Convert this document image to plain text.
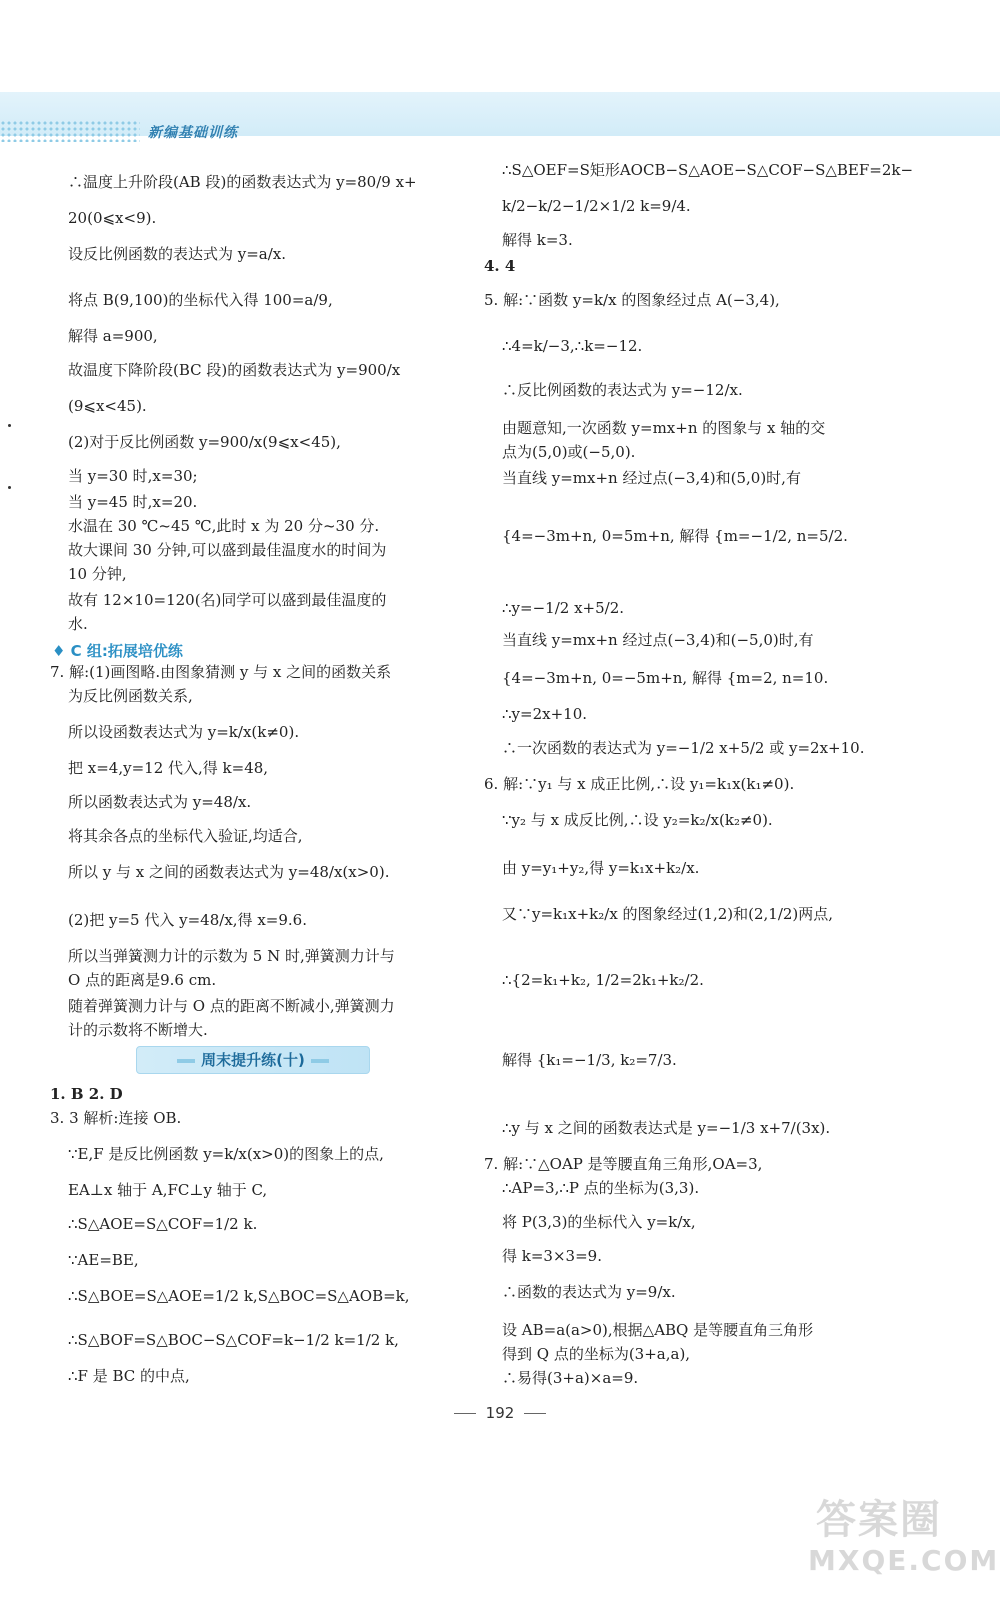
新编基础训练
∴温度上升阶段(AB 段)的函数表达式为 y=80/9 x+
20(0⩽x<9).
设反比例函数的表达式为 y=a/x.
将点 B(9,100)的坐标代入得 100=a/9,
解得 a=900,
故温度下降阶段(BC 段)的函数表达式为 y=900/x
(9⩽x<45).
(2)对于反比例函数 y=900/x(9⩽x<45),
当 y=30 时,x=30;
当 y=45 时,x=20.
水温在 30 ℃~45 ℃,此时 x 为 20 分~30 分.
故大课间 30 分钟,可以盛到最佳温度水的时间为
10 分钟,
故有 12×10=120(名)同学可以盛到最佳温度的
水.
♦ C 组:拓展培优练
7. 解:(1)画图略.由图象猜测 y 与 x 之间的函数关系
为反比例函数关系,
所以设函数表达式为 y=k/x(k≠0).
把 x=4,y=12 代入,得 k=48,
所以函数表达式为 y=48/x.
将其余各点的坐标代入验证,均适合,
所以 y 与 x 之间的函数表达式为 y=48/x(x>0).
(2)把 y=5 代入 y=48/x,得 x=9.6.
所以当弹簧测力计的示数为 5 N 时,弹簧测力计与
O 点的距离是9.6 cm.
随着弹簧测力计与 O 点的距离不断减小,弹簧测力
计的示数将不断增大.
周末提升练(十)
1. B 2. D
3. 3 解析:连接 OB.
∵E,F 是反比例函数 y=k/x(x>0)的图象上的点,
EA⊥x 轴于 A,FC⊥y 轴于 C,
∴S△AOE=S△COF=1/2 k.
∵AE=BE,
∴S△BOE=S△AOE=1/2 k,S△BOC=S△AOB=k,
∴S△BOF=S△BOC−S△COF=k−1/2 k=1/2 k,
∴F 是 BC 的中点,
∴S△OEF=S矩形AOCB−S△AOE−S△COF−S△BEF=2k−
k/2−k/2−1/2×1/2 k=9/4.
解得 k=3.
4. 4
5. 解:∵函数 y=k/x 的图象经过点 A(−3,4),
∴4=k/−3,∴k=−12.
∴反比例函数的表达式为 y=−12/x.
由题意知,一次函数 y=mx+n 的图象与 x 轴的交
点为(5,0)或(−5,0).
当直线 y=mx+n 经过点(−3,4)和(5,0)时,有
{4=−3m+n, 0=5m+n, 解得 {m=−1/2, n=5/2.
∴y=−1/2 x+5/2.
当直线 y=mx+n 经过点(−3,4)和(−5,0)时,有
{4=−3m+n, 0=−5m+n, 解得 {m=2, n=10.
∴y=2x+10.
∴一次函数的表达式为 y=−1/2 x+5/2 或 y=2x+10.
6. 解:∵y₁ 与 x 成正比例,∴设 y₁=k₁x(k₁≠0).
∵y₂ 与 x 成反比例,∴设 y₂=k₂/x(k₂≠0).
由 y=y₁+y₂,得 y=k₁x+k₂/x.
又∵y=k₁x+k₂/x 的图象经过(1,2)和(2,1/2)两点,
∴{2=k₁+k₂, 1/2=2k₁+k₂/2.
解得 {k₁=−1/3, k₂=7/3.
∴y 与 x 之间的函数表达式是 y=−1/3 x+7/(3x).
7. 解:∵△OAP 是等腰直角三角形,OA=3,
∴AP=3,∴P 点的坐标为(3,3).
将 P(3,3)的坐标代入 y=k/x,
得 k=3×3=9.
∴函数的表达式为 y=9/x.
设 AB=a(a>0),根据△ABQ 是等腰直角三角形
得到 Q 点的坐标为(3+a,a),
∴易得(3+a)×a=9.
192
答案圈
MXQE.COM
